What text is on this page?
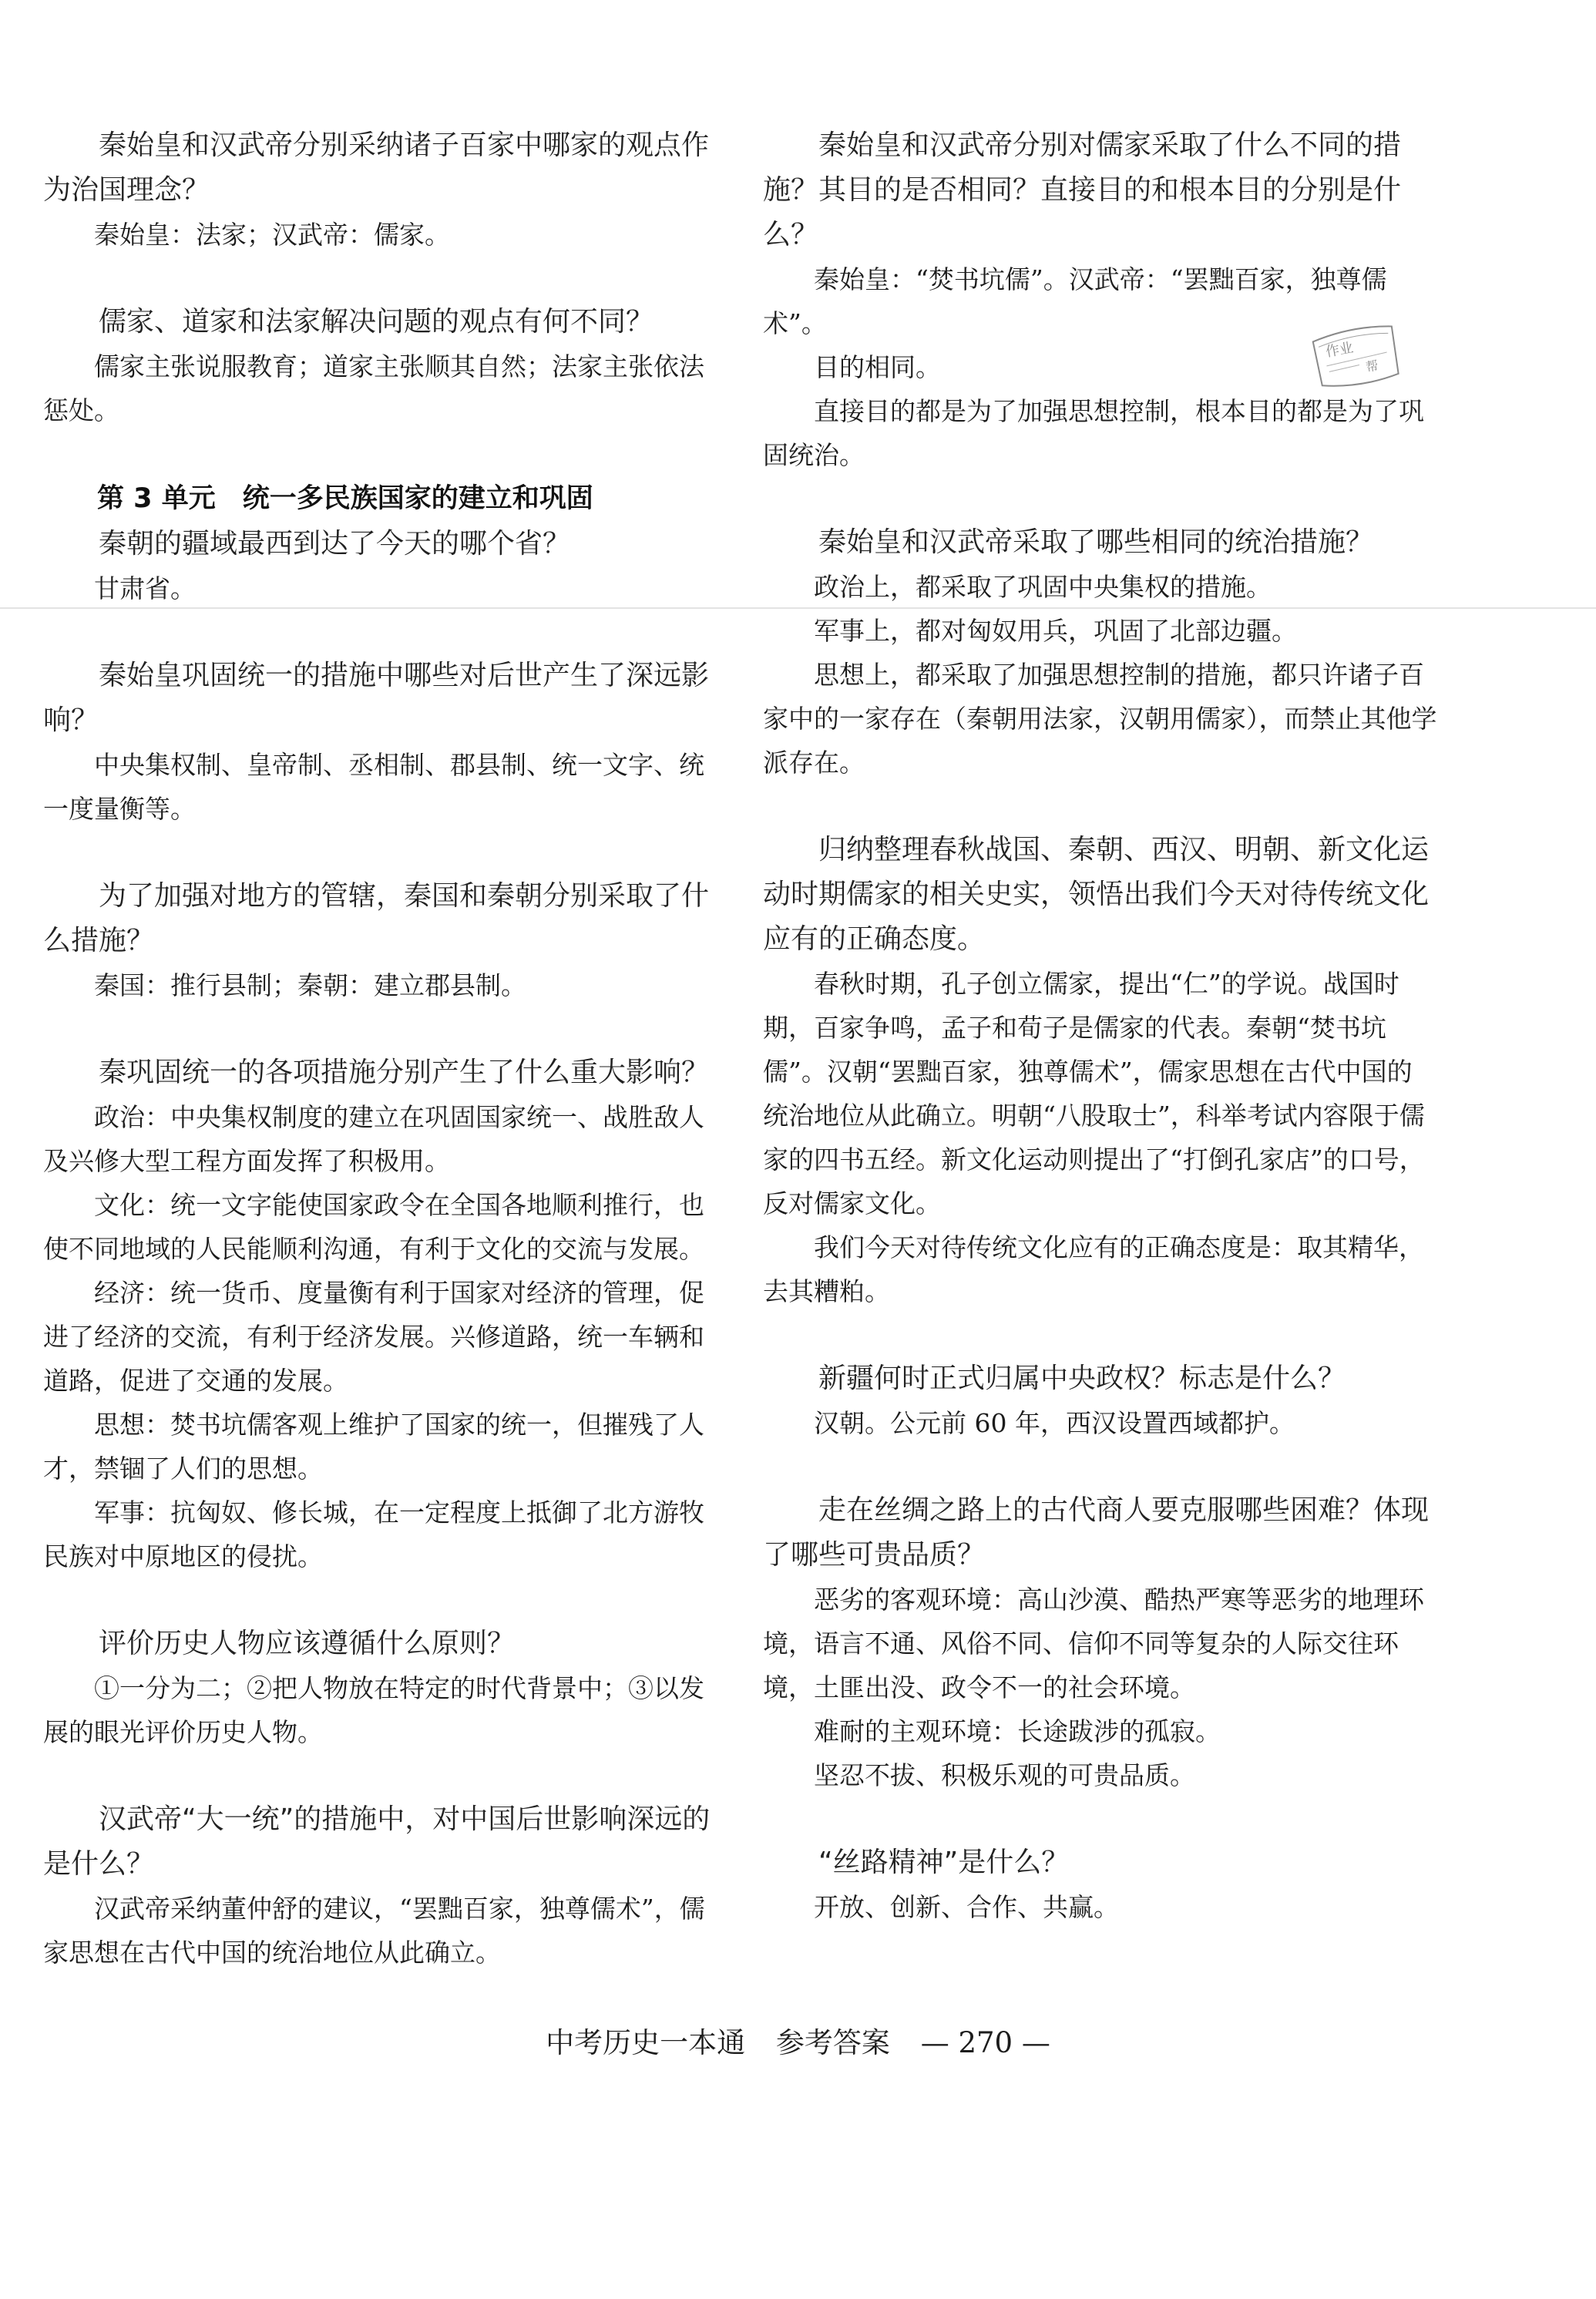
秦始皇和汉武帝分别采纳诸子百家中哪家的观点作为治国理念？

秦始皇：法家；汉武帝：儒家。

儒家、道家和法家解决问题的观点有何不同？

儒家主张说服教育；道家主张顺其自然；法家主张依法惩处。

第 3 单元　统一多民族国家的建立和巩固

秦朝的疆域最西到达了今天的哪个省？

甘肃省。

秦始皇巩固统一的措施中哪些对后世产生了深远影响？

中央集权制、皇帝制、丞相制、郡县制、统一文字、统一度量衡等。

为了加强对地方的管辖，秦国和秦朝分别采取了什么措施？

秦国：推行县制；秦朝：建立郡县制。

秦巩固统一的各项措施分别产生了什么重大影响？

政治：中央集权制度的建立在巩固国家统一、战胜敌人及兴修大型工程方面发挥了积极用。

文化：统一文字能使国家政令在全国各地顺利推行，也使不同地域的人民能顺利沟通，有利于文化的交流与发展。

经济：统一货币、度量衡有利于国家对经济的管理，促进了经济的交流，有利于经济发展。兴修道路，统一车辆和道路，促进了交通的发展。

思想：焚书坑儒客观上维护了国家的统一，但摧残了人才，禁锢了人们的思想。

军事：抗匈奴、修长城，在一定程度上抵御了北方游牧民族对中原地区的侵扰。

评价历史人物应该遵循什么原则？

①一分为二；②把人物放在特定的时代背景中；③以发展的眼光评价历史人物。

汉武帝“大一统”的措施中，对中国后世影响深远的是什么？

汉武帝采纳董仲舒的建议，“罢黜百家，独尊儒术”，儒家思想在古代中国的统治地位从此确立。

秦始皇和汉武帝分别对儒家采取了什么不同的措施？其目的是否相同？直接目的和根本目的分别是什么？

秦始皇：“焚书坑儒”。汉武帝：“罢黜百家，独尊儒术”。

目的相同。

直接目的都是为了加强思想控制，根本目的都是为了巩固统治。

秦始皇和汉武帝采取了哪些相同的统治措施？

政治上，都采取了巩固中央集权的措施。

军事上，都对匈奴用兵，巩固了北部边疆。

思想上，都采取了加强思想控制的措施，都只许诸子百家中的一家存在（秦朝用法家，汉朝用儒家），而禁止其他学派存在。

归纳整理春秋战国、秦朝、西汉、明朝、新文化运动时期儒家的相关史实，领悟出我们今天对待传统文化应有的正确态度。

春秋时期，孔子创立儒家，提出“仁”的学说。战国时期，百家争鸣，孟子和荀子是儒家的代表。秦朝“焚书坑儒”。汉朝“罢黜百家，独尊儒术”，儒家思想在古代中国的统治地位从此确立。明朝“八股取士”，科举考试内容限于儒家的四书五经。新文化运动则提出了“打倒孔家店”的口号，反对儒家文化。

我们今天对待传统文化应有的正确态度是：取其精华，去其糟粕。

新疆何时正式归属中央政权？标志是什么？

汉朝。公元前 60 年，西汉设置西域都护。

走在丝绸之路上的古代商人要克服哪些困难？体现了哪些可贵品质？

恶劣的客观环境：高山沙漠、酷热严寒等恶劣的地理环境，语言不通、风俗不同、信仰不同等复杂的人际交往环境，土匪出没、政令不一的社会环境。

难耐的主观环境：长途跋涉的孤寂。

坚忍不拔、积极乐观的可贵品质。

“丝路精神”是什么？

开放、创新、合作、共赢。

作业
帮
中考历史一本通 参考答案 — 270 —
